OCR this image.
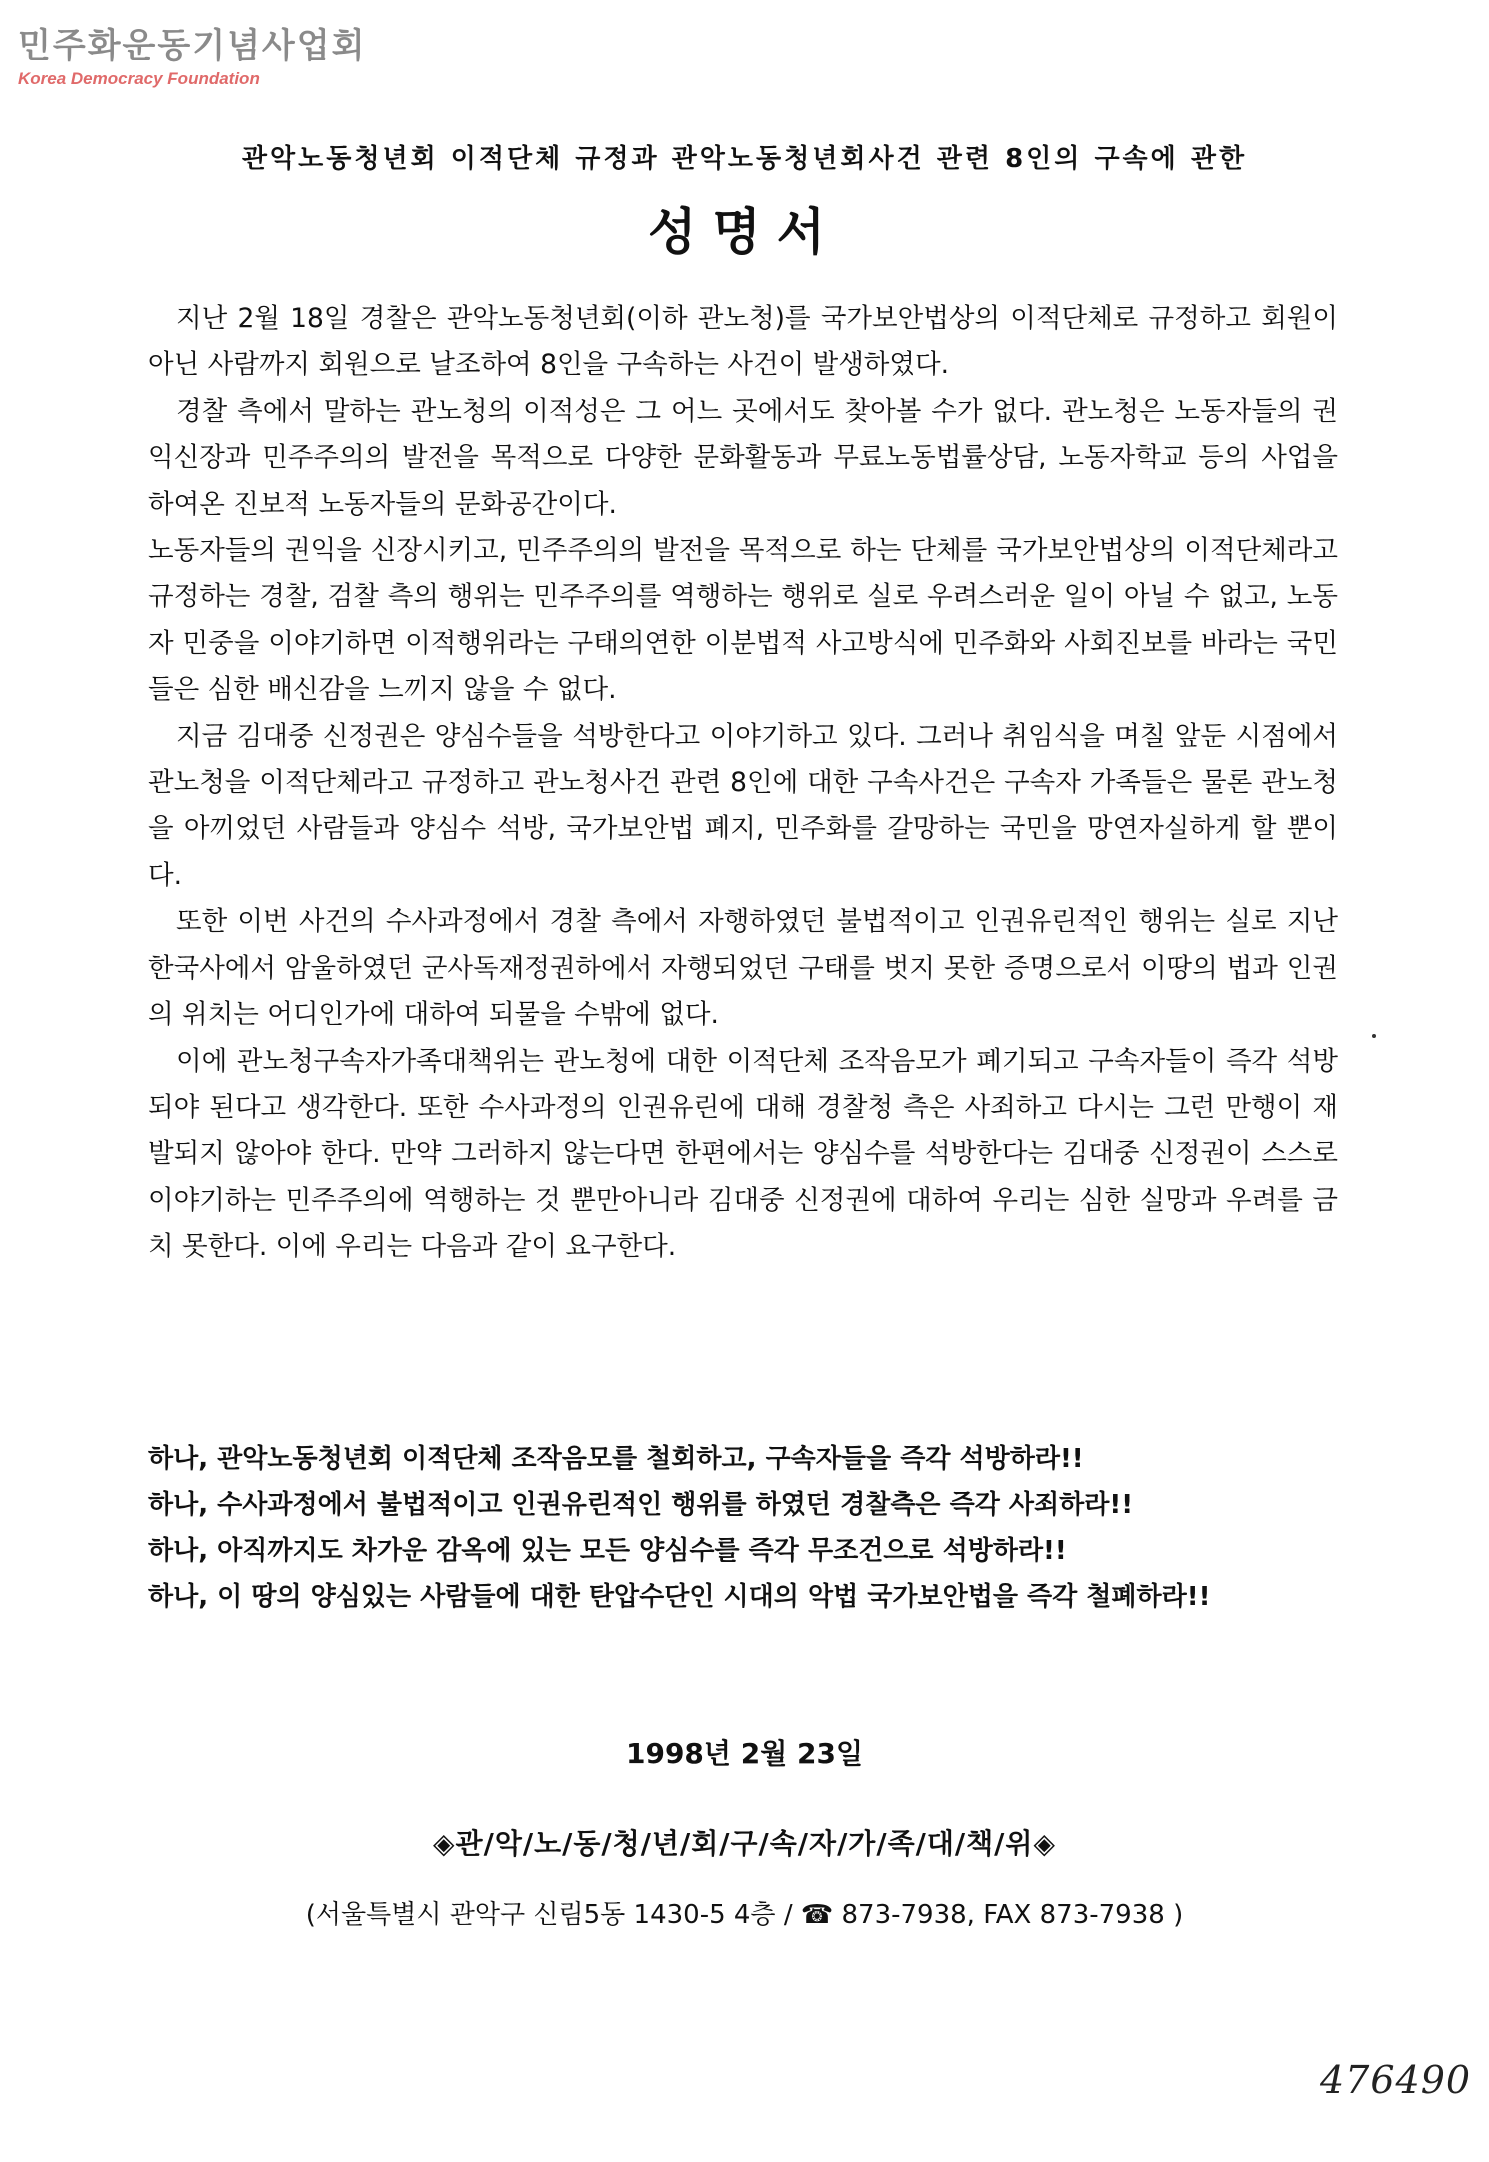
민주화운동기념사업회
Korea Democracy Foundation
관악노동청년회 이적단체 규정과 관악노동청년회사건 관련 8인의 구속에 관한
성명서

지난 2월 18일 경찰은 관악노동청년회(이하 관노청)를 국가보안법상의 이적단체로 규정하고 회원이 아닌 사람까지 회원으로 날조하여 8인을 구속하는 사건이 발생하였다.

경찰 측에서 말하는 관노청의 이적성은 그 어느 곳에서도 찾아볼 수가 없다. 관노청은 노동자들의 권익신장과 민주주의의 발전을 목적으로 다양한 문화활동과 무료노동법률상담, 노동자학교 등의 사업을 하여온 진보적 노동자들의 문화공간이다.

노동자들의 권익을 신장시키고, 민주주의의 발전을 목적으로 하는 단체를 국가보안법상의 이적단체라고 규정하는 경찰, 검찰 측의 행위는 민주주의를 역행하는 행위로 실로 우려스러운 일이 아닐 수 없고, 노동자 민중을 이야기하면 이적행위라는 구태의연한 이분법적 사고방식에 민주화와 사회진보를 바라는 국민들은 심한 배신감을 느끼지 않을 수 없다.

지금 김대중 신정권은 양심수들을 석방한다고 이야기하고 있다. 그러나 취임식을 며칠 앞둔 시점에서 관노청을 이적단체라고 규정하고 관노청사건 관련 8인에 대한 구속사건은 구속자 가족들은 물론 관노청을 아끼었던 사람들과 양심수 석방, 국가보안법 폐지, 민주화를 갈망하는 국민을 망연자실하게 할 뿐이다.

또한 이번 사건의 수사과정에서 경찰 측에서 자행하였던 불법적이고 인권유린적인 행위는 실로 지난 한국사에서 암울하였던 군사독재정권하에서 자행되었던 구태를 벗지 못한 증명으로서 이땅의 법과 인권의 위치는 어디인가에 대하여 되물을 수밖에 없다.

이에 관노청구속자가족대책위는 관노청에 대한 이적단체 조작음모가 폐기되고 구속자들이 즉각 석방되야 된다고 생각한다. 또한 수사과정의 인권유린에 대해 경찰청 측은 사죄하고 다시는 그런 만행이 재발되지 않아야 한다. 만약 그러하지 않는다면 한편에서는 양심수를 석방한다는 김대중 신정권이 스스로 이야기하는 민주주의에 역행하는 것 뿐만아니라 김대중 신정권에 대하여 우리는 심한 실망과 우려를 금치 못한다. 이에 우리는 다음과 같이 요구한다.

하나, 관악노동청년회 이적단체 조작음모를 철회하고, 구속자들을 즉각 석방하라!!

하나, 수사과정에서 불법적이고 인권유린적인 행위를 하였던 경찰측은 즉각 사죄하라!!

하나, 아직까지도 차가운 감옥에 있는 모든 양심수를 즉각 무조건으로 석방하라!!

하나, 이 땅의 양심있는 사람들에 대한 탄압수단인 시대의 악법 국가보안법을 즉각 철폐하라!!

1998년 2월 23일
◈관/악/노/동/청/년/회/구/속/자/가/족/대/책/위◈
(서울특별시 관악구 신림5동 1430-5 4층 / ☎ 873-7938, FAX 873-7938 )
476490
